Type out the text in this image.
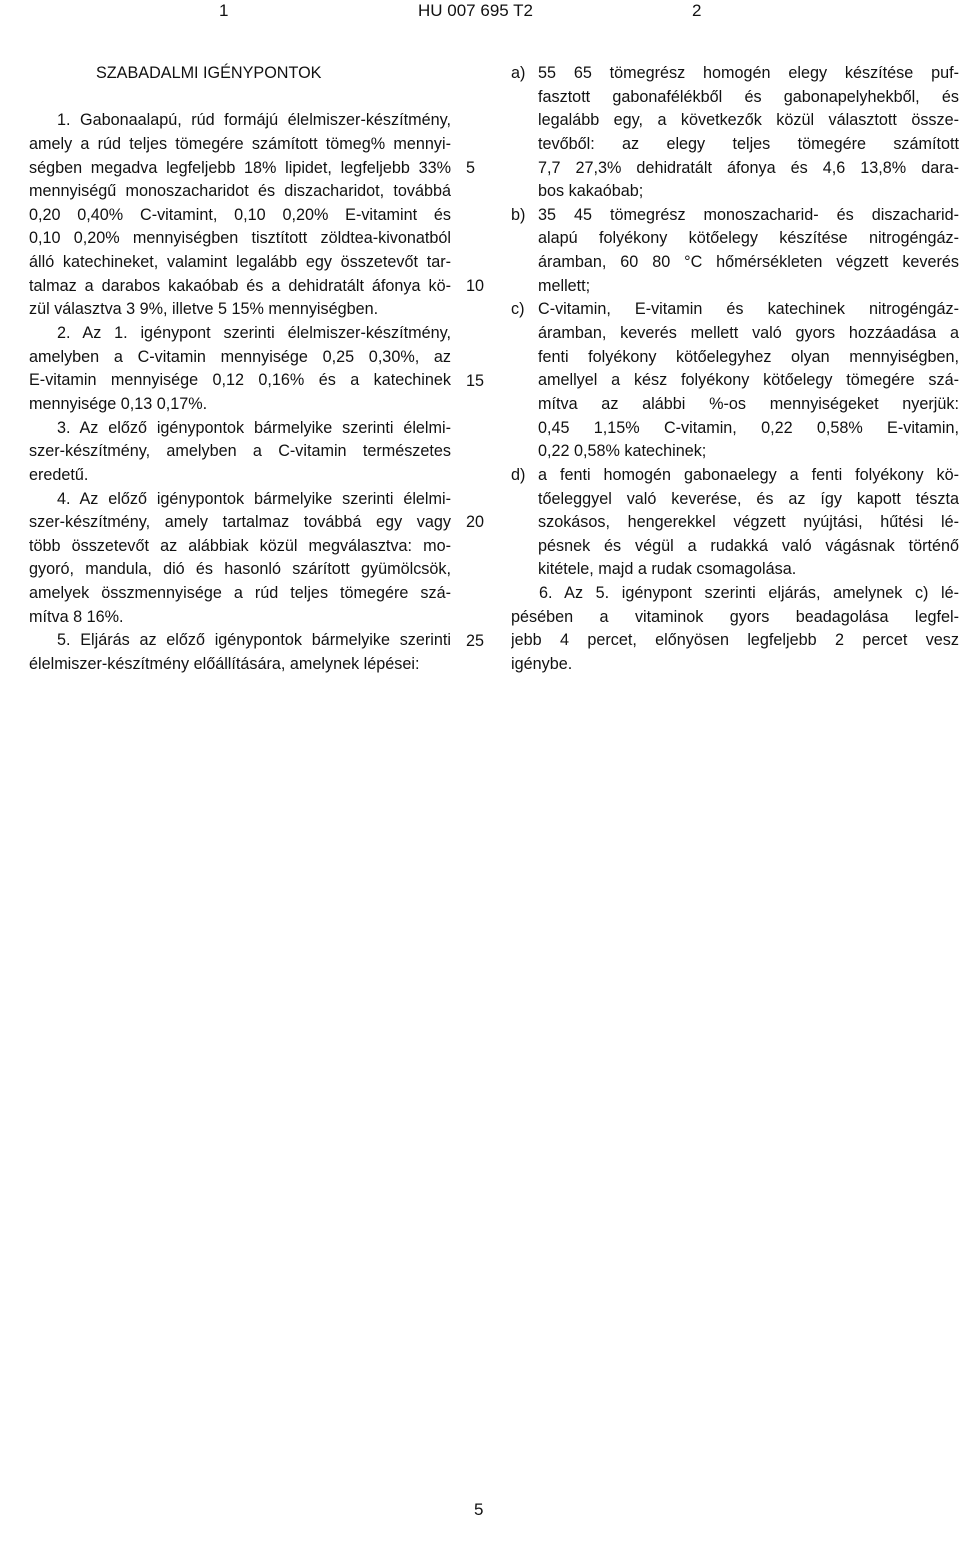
1	HU 007 695 T2	2
SZABADALMI IGÉNYPONTOK
1. Gabonaalapú, rúd formájú élelmiszer-készítmény,
amely a rúd teljes tömegére számított tömeg% mennyi-
ségben megadva legfeljebb 18% lipidet, legfeljebb 33%
mennyiségű monoszacharidot és diszacharidot, továbbá
0,20 0,40% C-vitamint, 0,10 0,20% E-vitamint és
0,10 0,20% mennyiségben tisztított zöldtea-kivonatból
álló katechineket, valamint legalább egy összetevőt tar-
talmaz a darabos kakaóbab és a dehidratált áfonya kö-
zül választva 3 9%, illetve 5 15% mennyiségben.
2. Az 1. igénypont szerinti élelmiszer-készítmény,
amelyben a C-vitamin mennyisége 0,25 0,30%, az
E-vitamin mennyisége 0,12 0,16% és a katechinek
mennyisége 0,13 0,17%.
3. Az előző igénypontok bármelyike szerinti élelmi-
szer-készítmény, amelyben a C-vitamin természetes
eredetű.
4. Az előző igénypontok bármelyike szerinti élelmi-
szer-készítmény, amely tartalmaz továbbá egy vagy
több összetevőt az alábbiak közül megválasztva: mo-
gyoró, mandula, dió és hasonló szárított gyümölcsök,
amelyek összmennyisége a rúd teljes tömegére szá-
mítva 8 16%.
5. Eljárás az előző igénypontok bármelyike szerinti
élelmiszer-készítmény előállítására, amelynek lépései:
5
10
15
20
25
a) 55 65 tömegrész homogén elegy készítése puf-
fasztott gabonafélékből és gabonapelyhekből, és
legalább egy, a következők közül választott össze-
tevőből: az elegy teljes tömegére számított
7,7 27,3% dehidratált áfonya és 4,6 13,8% dara-
bos kakaóbab;
b) 35 45 tömegrész monoszacharid- és diszacharid-
alapú folyékony kötőelegy készítése nitrogéngáz-
áramban, 60 80 °C hőmérsékleten végzett keverés
mellett;
c) C-vitamin, E-vitamin és katechinek nitrogéngáz-
áramban, keverés mellett való gyors hozzáadása a
fenti folyékony kötőelegyhez olyan mennyiségben,
amellyel a kész folyékony kötőelegy tömegére szá-
mítva az alábbi %-os mennyiségeket nyerjük:
0,45 1,15% C-vitamin, 0,22 0,58% E-vitamin,
0,22 0,58% katechinek;
d) a fenti homogén gabonaelegy a fenti folyékony kö-
tőeleggyel való keverése, és az így kapott tészta
szokásos, hengerekkel végzett nyújtási, hűtési lé-
pésnek és végül a rudakká való vágásnak történő
kitétele, majd a rudak csomagolása.
6. Az 5. igénypont szerinti eljárás, amelynek c) lé-
pésében a vitaminok gyors beadagolása legfel-
jebb 4 percet, előnyösen legfeljebb 2 percet vesz
igénybe.
5
